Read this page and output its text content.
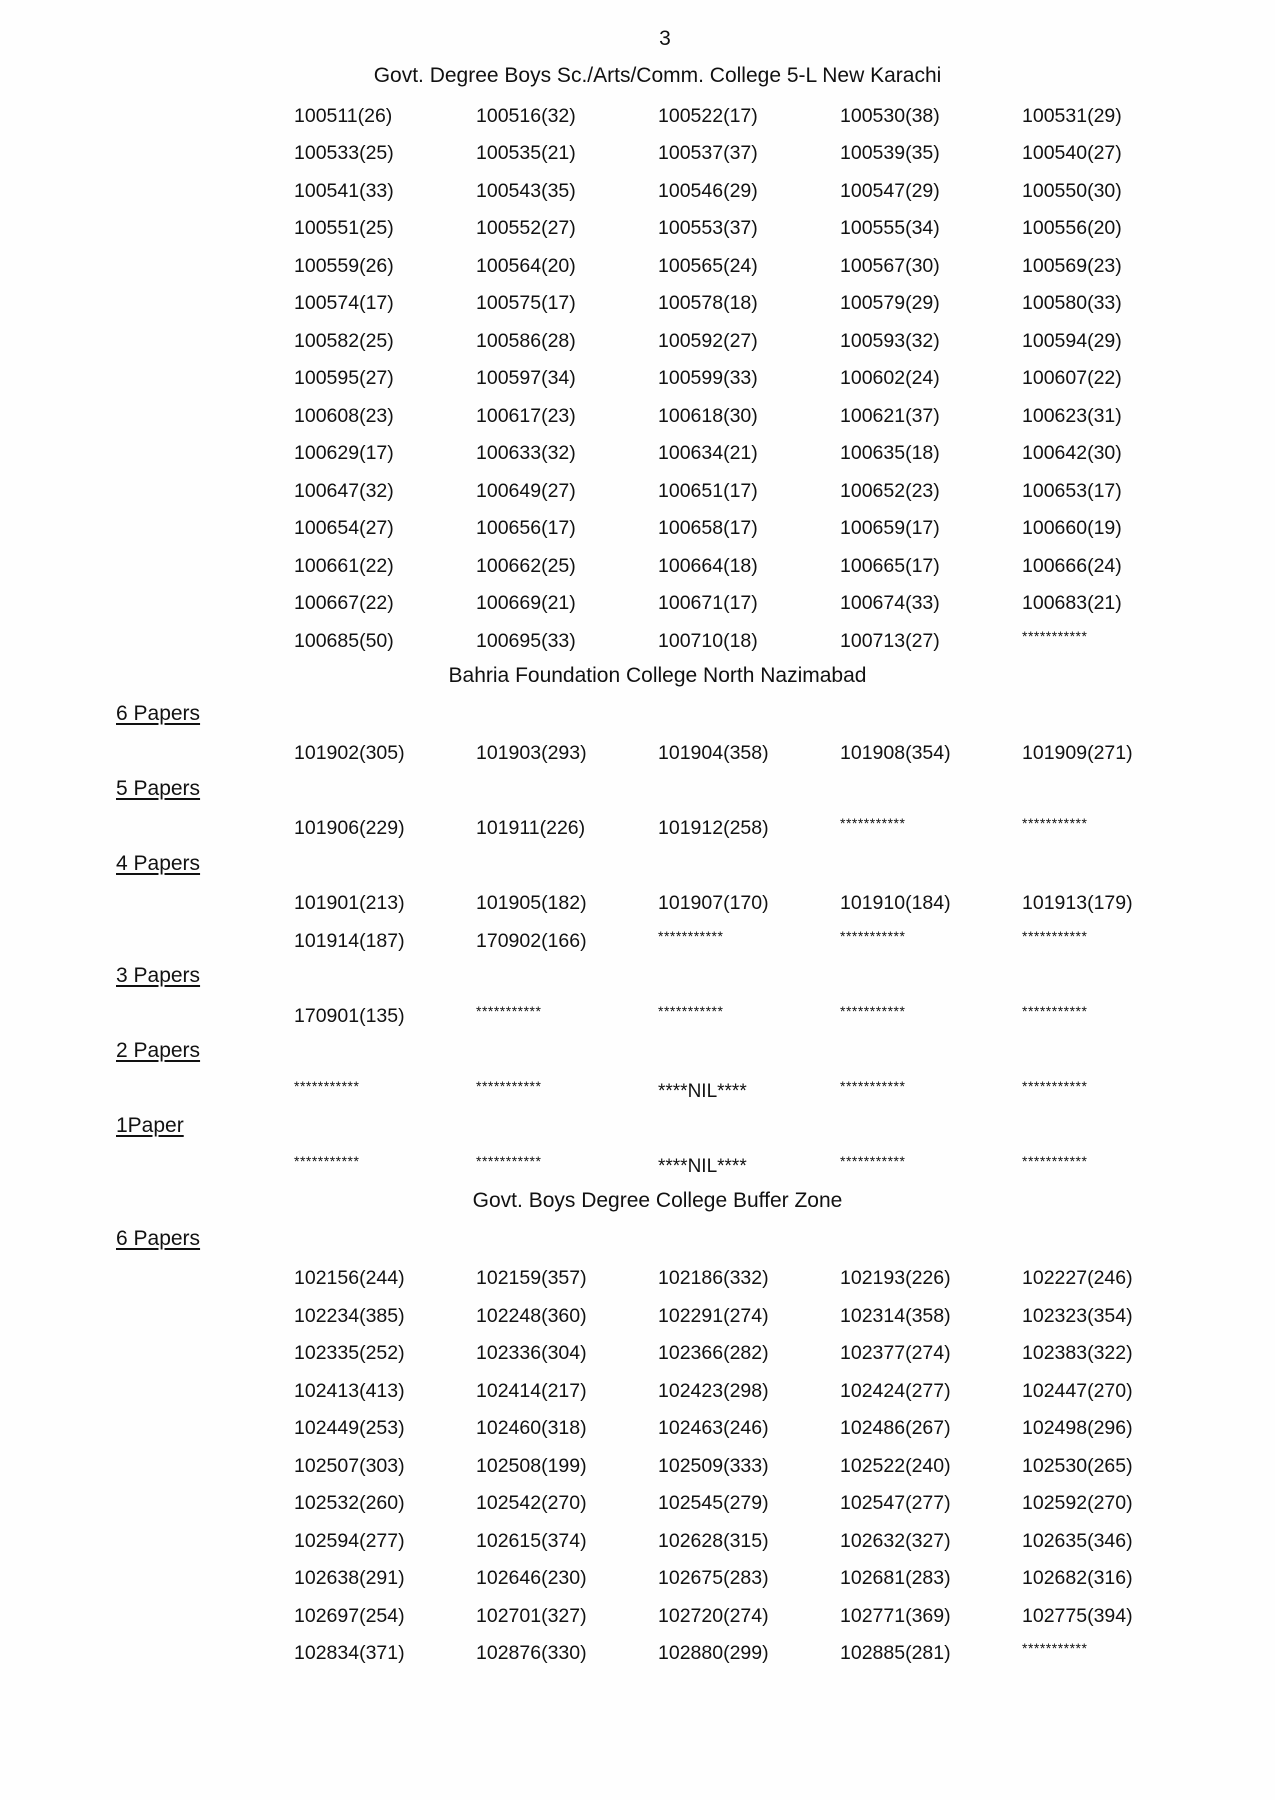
3
Govt. Degree Boys Sc./Arts/Comm. College 5-L New Karachi
100511(26)	100516(32)	100522(17)	100530(38)	100531(29)
100533(25)	100535(21)	100537(37)	100539(35)	100540(27)
100541(33)	100543(35)	100546(29)	100547(29)	100550(30)
100551(25)	100552(27)	100553(37)	100555(34)	100556(20)
100559(26)	100564(20)	100565(24)	100567(30)	100569(23)
100574(17)	100575(17)	100578(18)	100579(29)	100580(33)
100582(25)	100586(28)	100592(27)	100593(32)	100594(29)
100595(27)	100597(34)	100599(33)	100602(24)	100607(22)
100608(23)	100617(23)	100618(30)	100621(37)	100623(31)
100629(17)	100633(32)	100634(21)	100635(18)	100642(30)
100647(32)	100649(27)	100651(17)	100652(23)	100653(17)
100654(27)	100656(17)	100658(17)	100659(17)	100660(19)
100661(22)	100662(25)	100664(18)	100665(17)	100666(24)
100667(22)	100669(21)	100671(17)	100674(33)	100683(21)
100685(50)	100695(33)	100710(18)	100713(27)	***********
Bahria Foundation College North Nazimabad
6 Papers
101902(305)	101903(293)	101904(358)	101908(354)	101909(271)
5 Papers
101906(229)	101911(226)	101912(258)	***********	***********
4 Papers
101901(213)	101905(182)	101907(170)	101910(184)	101913(179)
101914(187)	170902(166)	***********	***********	***********
3 Papers
170901(135)	***********	***********	***********	***********
2 Papers
***********	***********	****NIL****	***********	***********
1Paper
***********	***********	****NIL****	***********	***********
Govt. Boys Degree College Buffer Zone
6 Papers
102156(244)	102159(357)	102186(332)	102193(226)	102227(246)
102234(385)	102248(360)	102291(274)	102314(358)	102323(354)
102335(252)	102336(304)	102366(282)	102377(274)	102383(322)
102413(413)	102414(217)	102423(298)	102424(277)	102447(270)
102449(253)	102460(318)	102463(246)	102486(267)	102498(296)
102507(303)	102508(199)	102509(333)	102522(240)	102530(265)
102532(260)	102542(270)	102545(279)	102547(277)	102592(270)
102594(277)	102615(374)	102628(315)	102632(327)	102635(346)
102638(291)	102646(230)	102675(283)	102681(283)	102682(316)
102697(254)	102701(327)	102720(274)	102771(369)	102775(394)
102834(371)	102876(330)	102880(299)	102885(281)	***********
